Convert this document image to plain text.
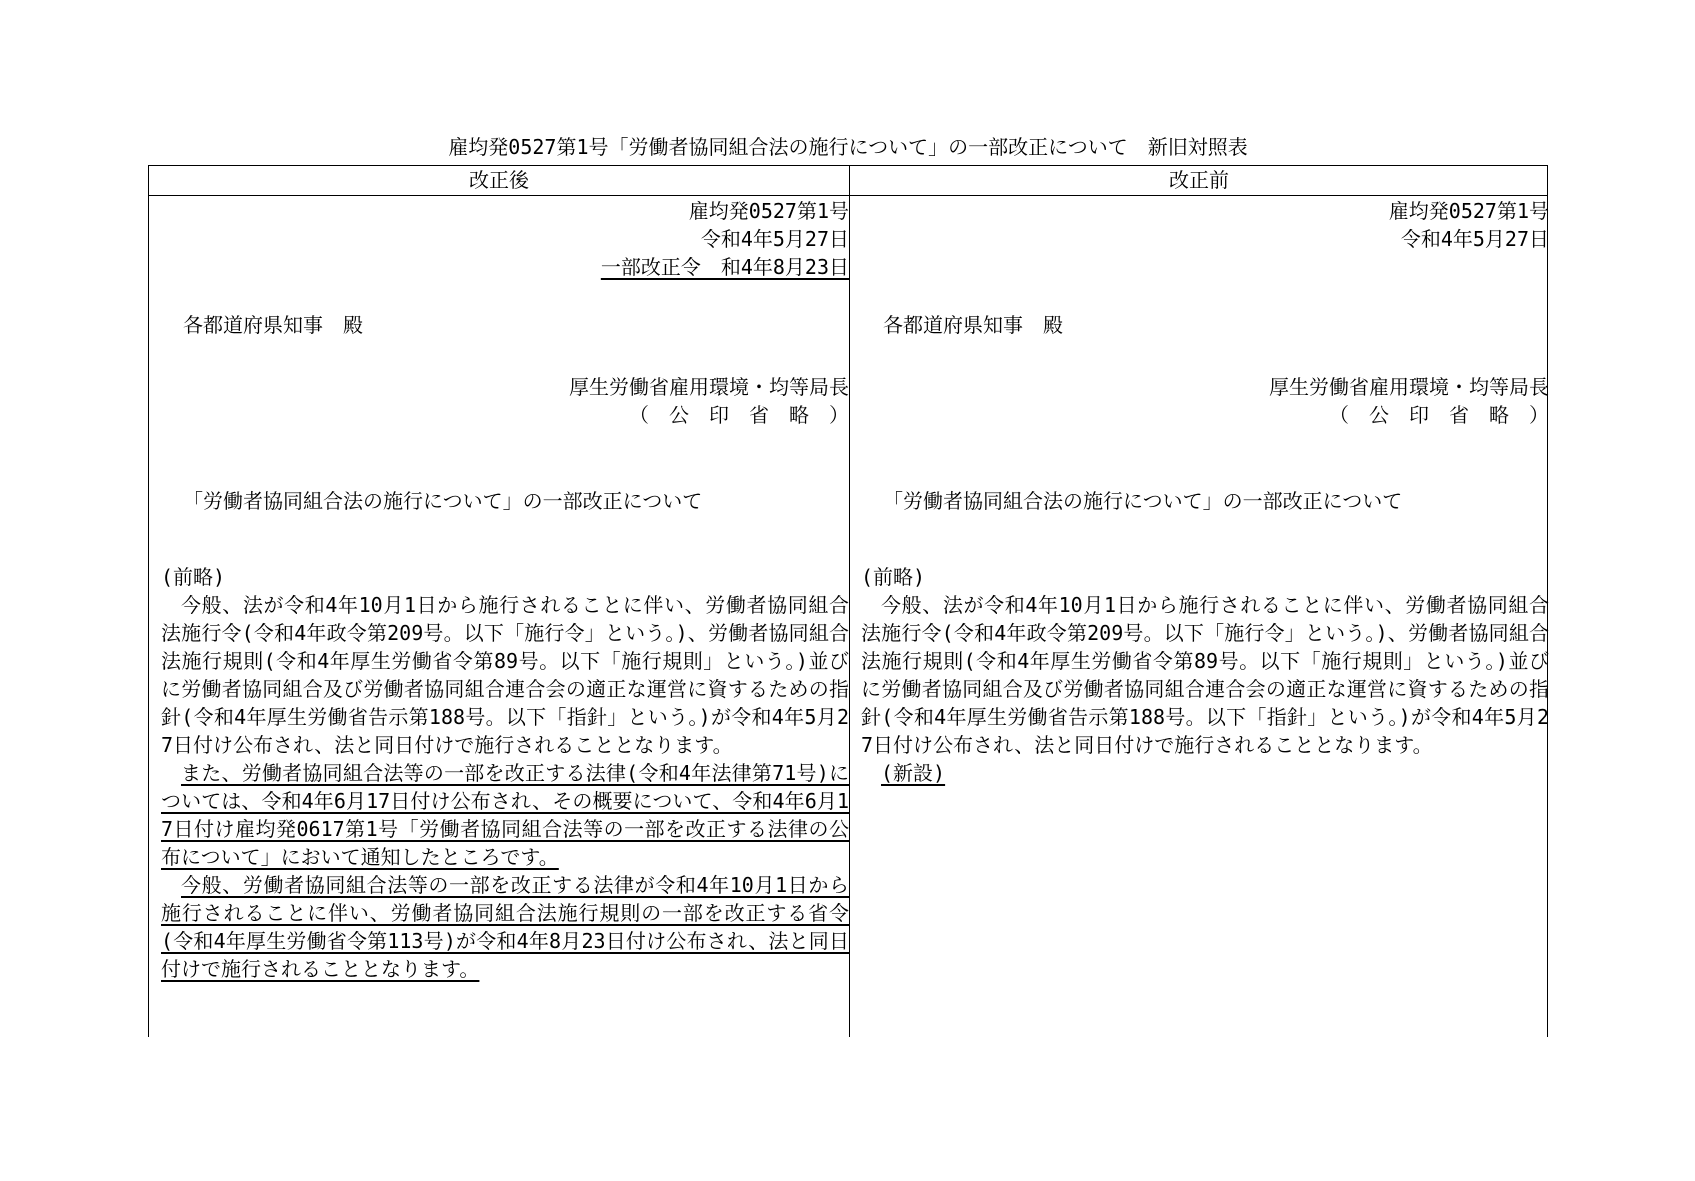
雇均発0527第1号「労働者協同組合法の施行について」の一部改正について　新旧対照表
改正後	改正前
雇均発0527第1号
令和4年5月27日
一部改正令　和4年8月23日
各都道府県知事　殿
厚生労働省雇用環境・均等局長
（　公　印　省　略　）
「労働者協同組合法の施行について」の一部改正について
(前略)

今般、法が令和4年10月1日から施行されることに伴い、労働者協同組合法施行令(令和4年政令第209号。以下「施行令」という。)、労働者協同組合法施行規則(令和4年厚生労働省令第89号。以下「施行規則」という。)並びに労働者協同組合及び労働者協同組合連合会の適正な運営に資するための指針(令和4年厚生労働省告示第188号。以下「指針」という。)が令和4年5月27日付け公布され、法と同日付けで施行されることとなります。

また、労働者協同組合法等の一部を改正する法律(令和4年法律第71号)については、令和4年6月17日付け公布され、その概要について、令和4年6月17日付け雇均発0617第1号「労働者協同組合法等の一部を改正する法律の公布について」において通知したところです。

今般、労働者協同組合法等の一部を改正する法律が令和4年10月1日から施行されることに伴い、労働者協同組合法施行規則の一部を改正する省令(令和4年厚生労働省令第113号)が令和4年8月23日付け公布され、法と同日付けで施行されることとなります。

雇均発0527第1号
令和4年5月27日
各都道府県知事　殿
厚生労働省雇用環境・均等局長
（　公　印　省　略　）
「労働者協同組合法の施行について」の一部改正について
(前略)

今般、法が令和4年10月1日から施行されることに伴い、労働者協同組合法施行令(令和4年政令第209号。以下「施行令」という。)、労働者協同組合法施行規則(令和4年厚生労働省令第89号。以下「施行規則」という。)並びに労働者協同組合及び労働者協同組合連合会の適正な運営に資するための指針(令和4年厚生労働省告示第188号。以下「指針」という。)が令和4年5月27日付け公布され、法と同日付けで施行されることとなります。

(新設)
